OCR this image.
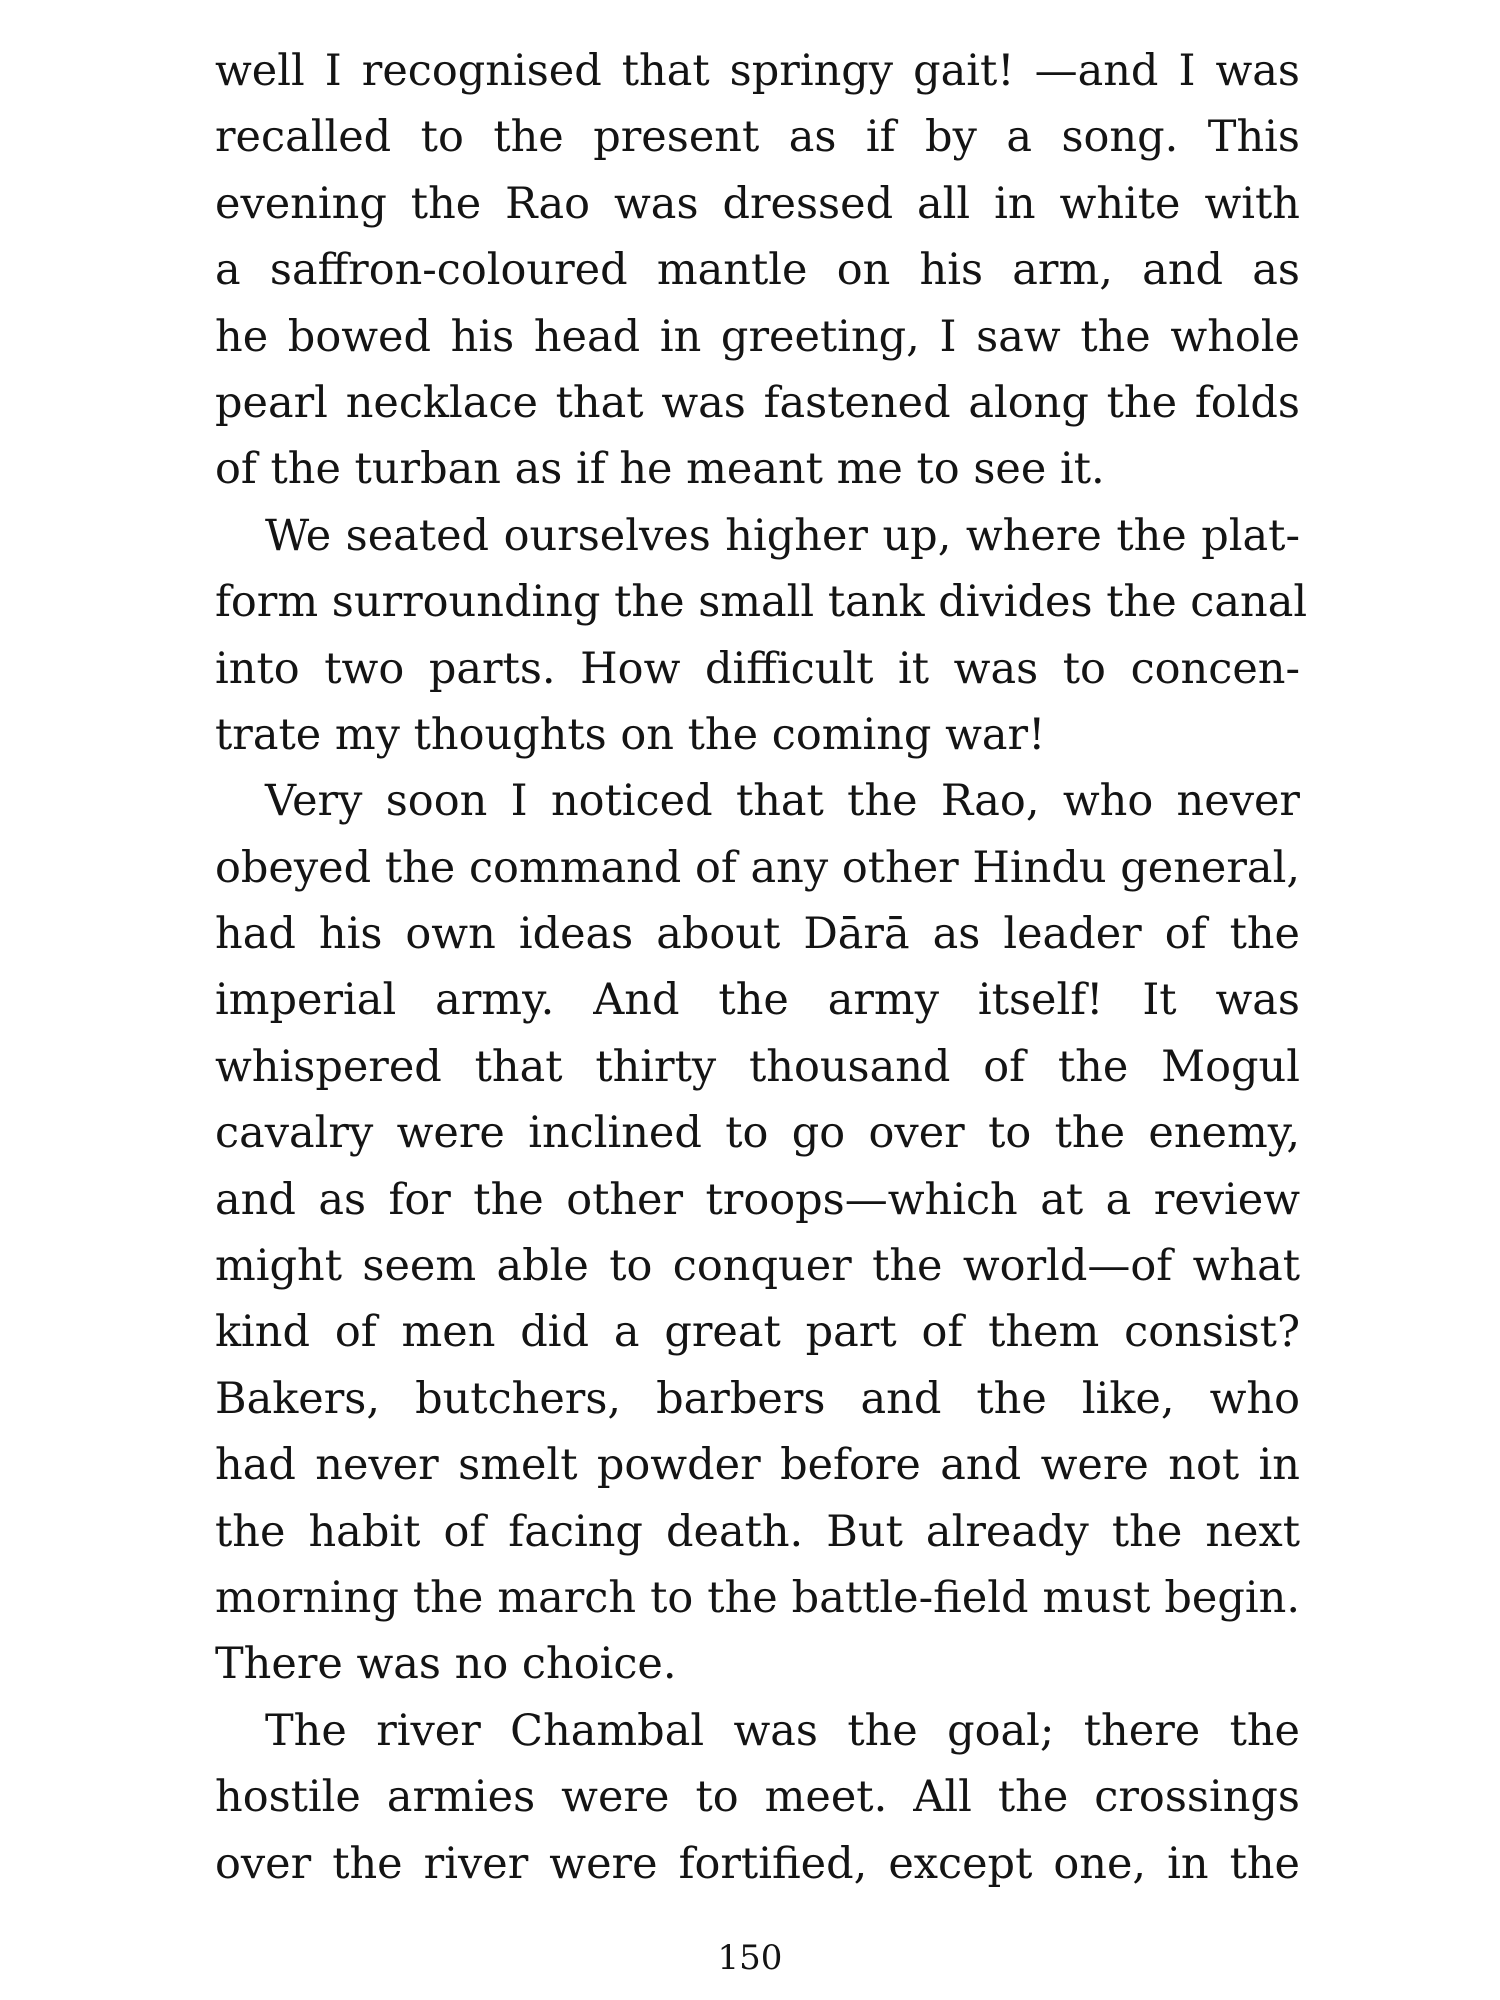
well I recognised that springy gait! —and I was
recalled to the present as if by a song. This
evening the Rao was dressed all in white with
a saffron-coloured mantle on his arm, and as
he bowed his head in greeting, I saw the whole
pearl necklace that was fastened along the folds
of the turban as if he meant me to see it.
We seated ourselves higher up, where the plat-
form surrounding the small tank divides the canal
into two parts. How difficult it was to concen-
trate my thoughts on the coming war!
Very soon I noticed that the Rao, who never
obeyed the command of any other Hindu general,
had his own ideas about Dārā as leader of the
imperial army. And the army itself! It was
whispered that thirty thousand of the Mogul
cavalry were inclined to go over to the enemy,
and as for the other troops—which at a review
might seem able to conquer the world—of what
kind of men did a great part of them consist?
Bakers, butchers, barbers and the like, who
had never smelt powder before and were not in
the habit of facing death. But already the next
morning the march to the battle-field must begin.
There was no choice.
The river Chambal was the goal; there the
hostile armies were to meet. All the crossings
over the river were fortified, except one, in the
150
